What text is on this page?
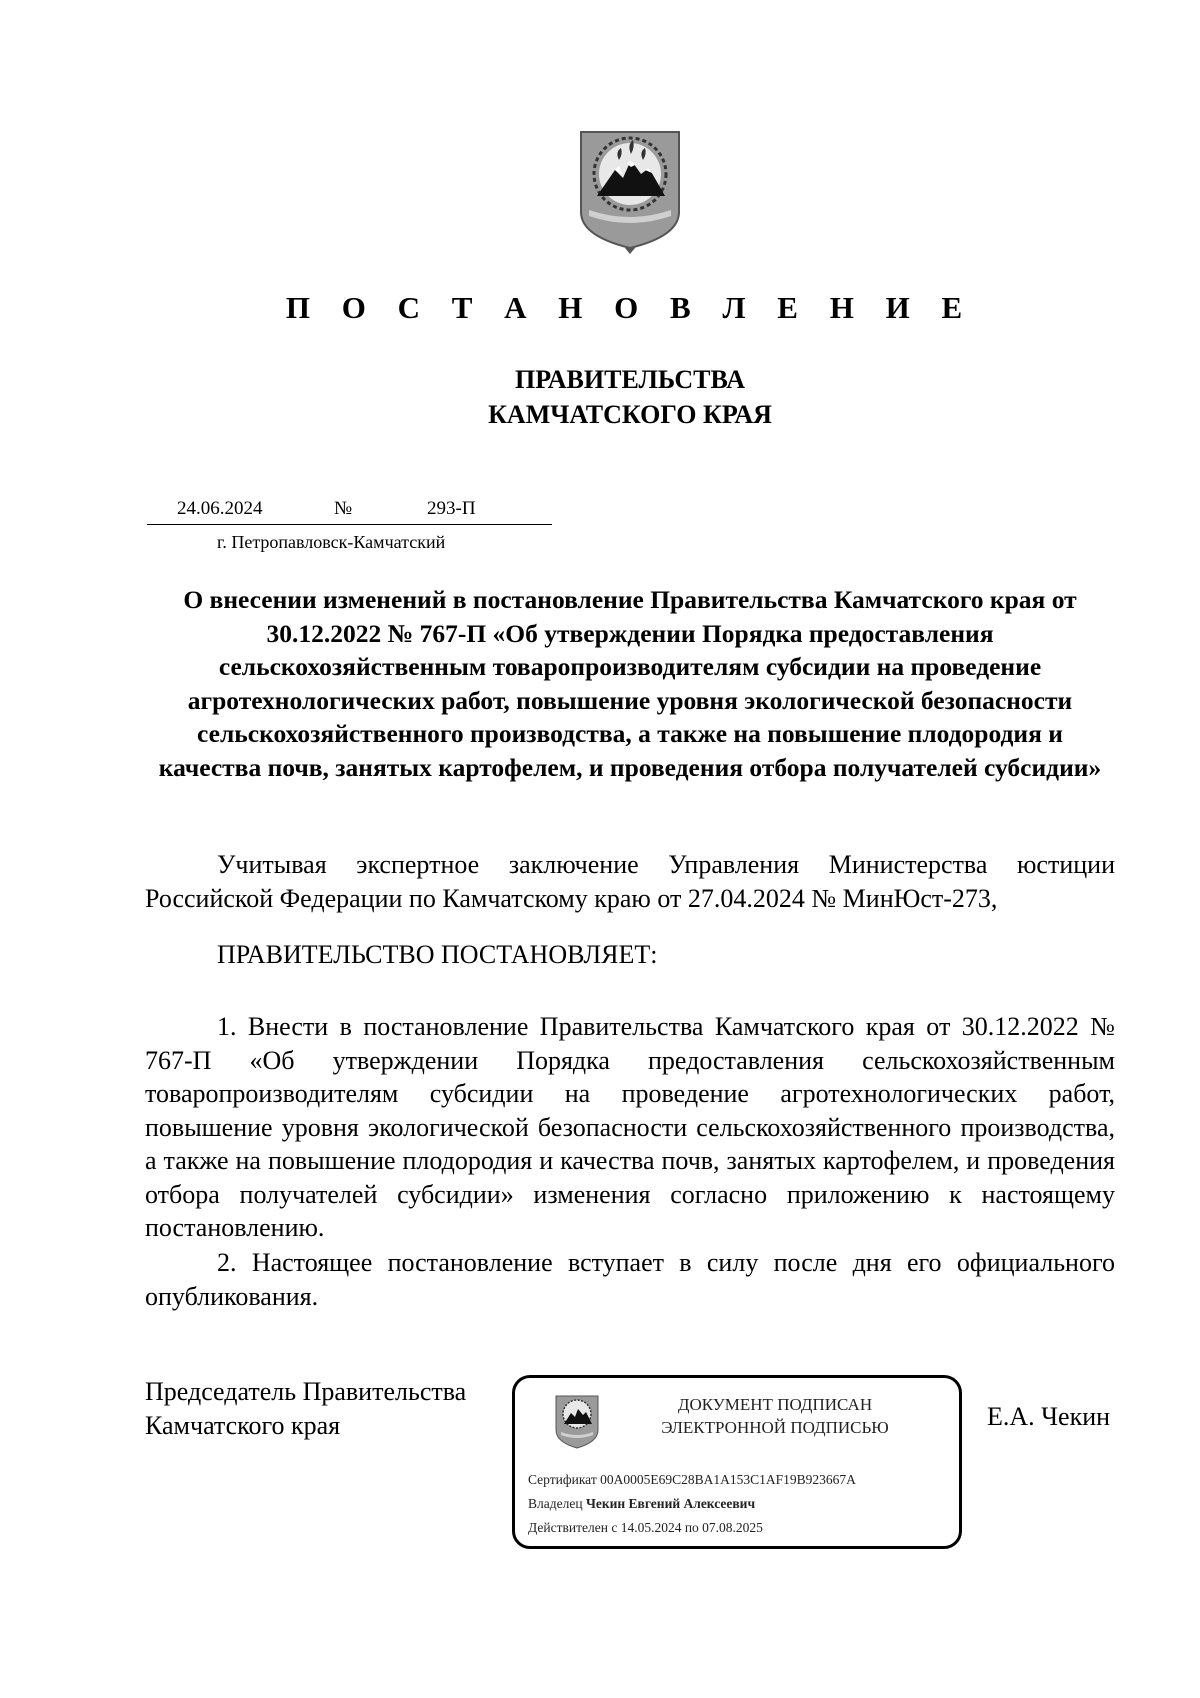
П О С Т А Н О В Л Е Н И Е
ПРАВИТЕЛЬСТВА
КАМЧАТСКОГО КРАЯ
24.06.2024	№	293-П
г. Петропавловск-Камчатский
О внесении изменений в постановление Правительства Камчатского края от 30.12.2022 № 767-П «Об утверждении Порядка предоставления сельскохозяйственным товаропроизводителям субсидии на проведение агротехнологических работ, повышение уровня экологической безопасности сельскохозяйственного производства, а также на повышение плодородия и качества почв, занятых картофелем, и проведения отбора получателей субсидии»
Учитывая экспертное заключение Управления Министерства юстиции Российской Федерации по Камчатскому краю от 27.04.2024 № МинЮст-273,
ПРАВИТЕЛЬСТВО ПОСТАНОВЛЯЕТ:
1. Внести в постановление Правительства Камчатского края от 30.12.2022 № 767-П «Об утверждении Порядка предоставления сельскохозяйственным товаропроизводителям субсидии на проведение агротехнологических работ, повышение уровня экологической безопасности сельскохозяйственного производства, а также на повышение плодородия и качества почв, занятых картофелем, и проведения отбора получателей субсидии» изменения согласно приложению к настоящему постановлению.
2. Настоящее постановление вступает в силу после дня его официального опубликования.
Председатель Правительства
Камчатского края
ДОКУМЕНТ ПОДПИСАН
ЭЛЕКТРОННОЙ ПОДПИСЬЮ
Сертификат 00A0005E69C28BA1A153C1AF19B923667A
Владелец Чекин Евгений Алексеевич
Действителен с 14.05.2024 по 07.08.2025
Е.А. Чекин
